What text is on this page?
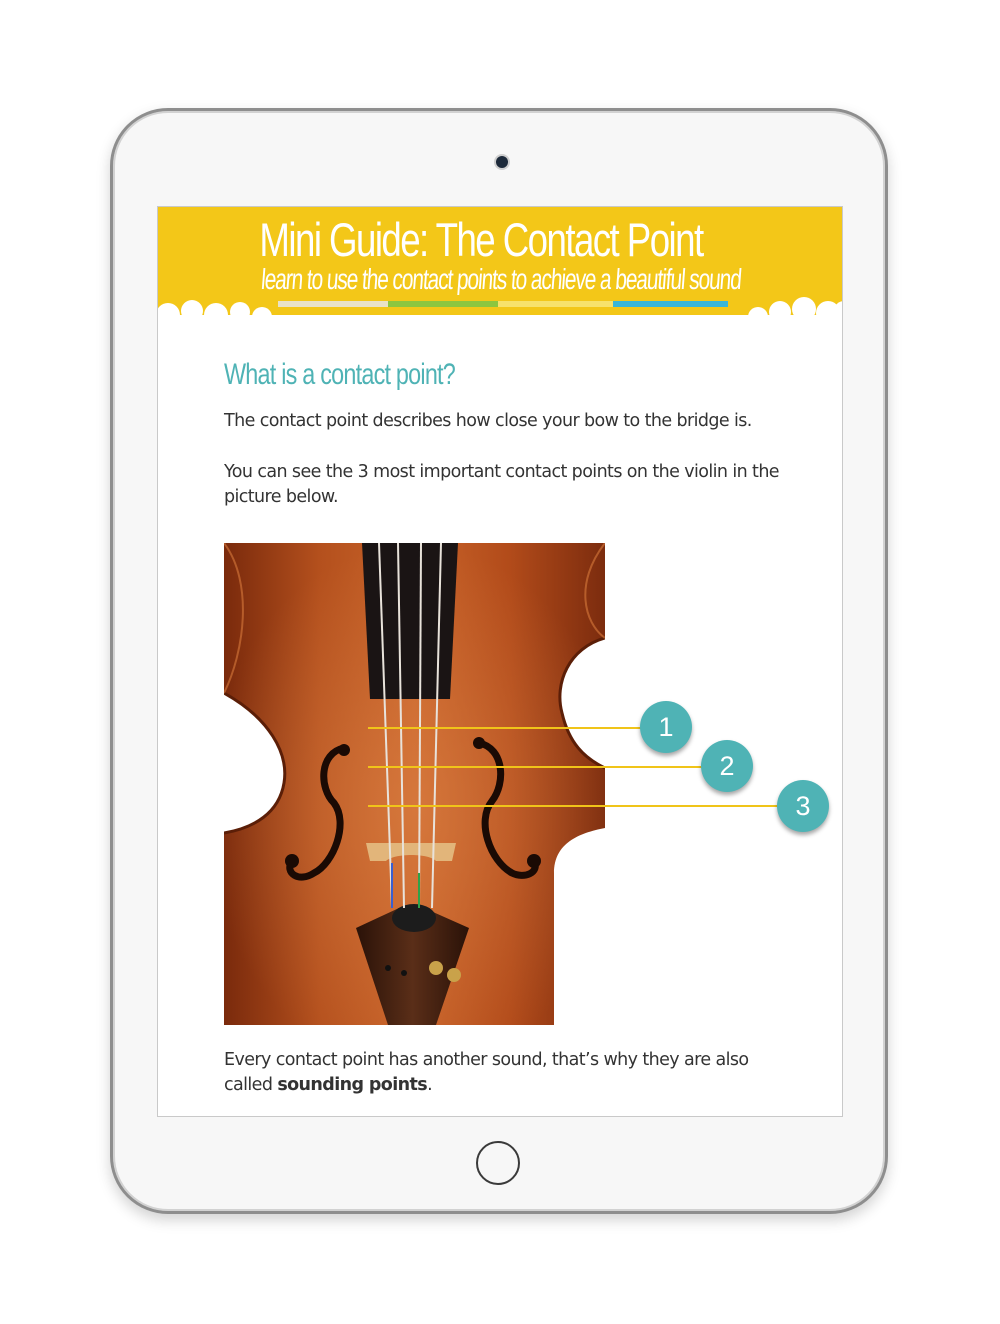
Mini Guide: The Contact Point
learn to use the contact points to achieve a beautiful sound
What is a contact point?

The contact point describes how close your bow to the bridge is.

You can see the 3 most important contact points on the violin in the picture below.

Every contact point has another sound, that’s why they are also called sounding points.

1
2
3
